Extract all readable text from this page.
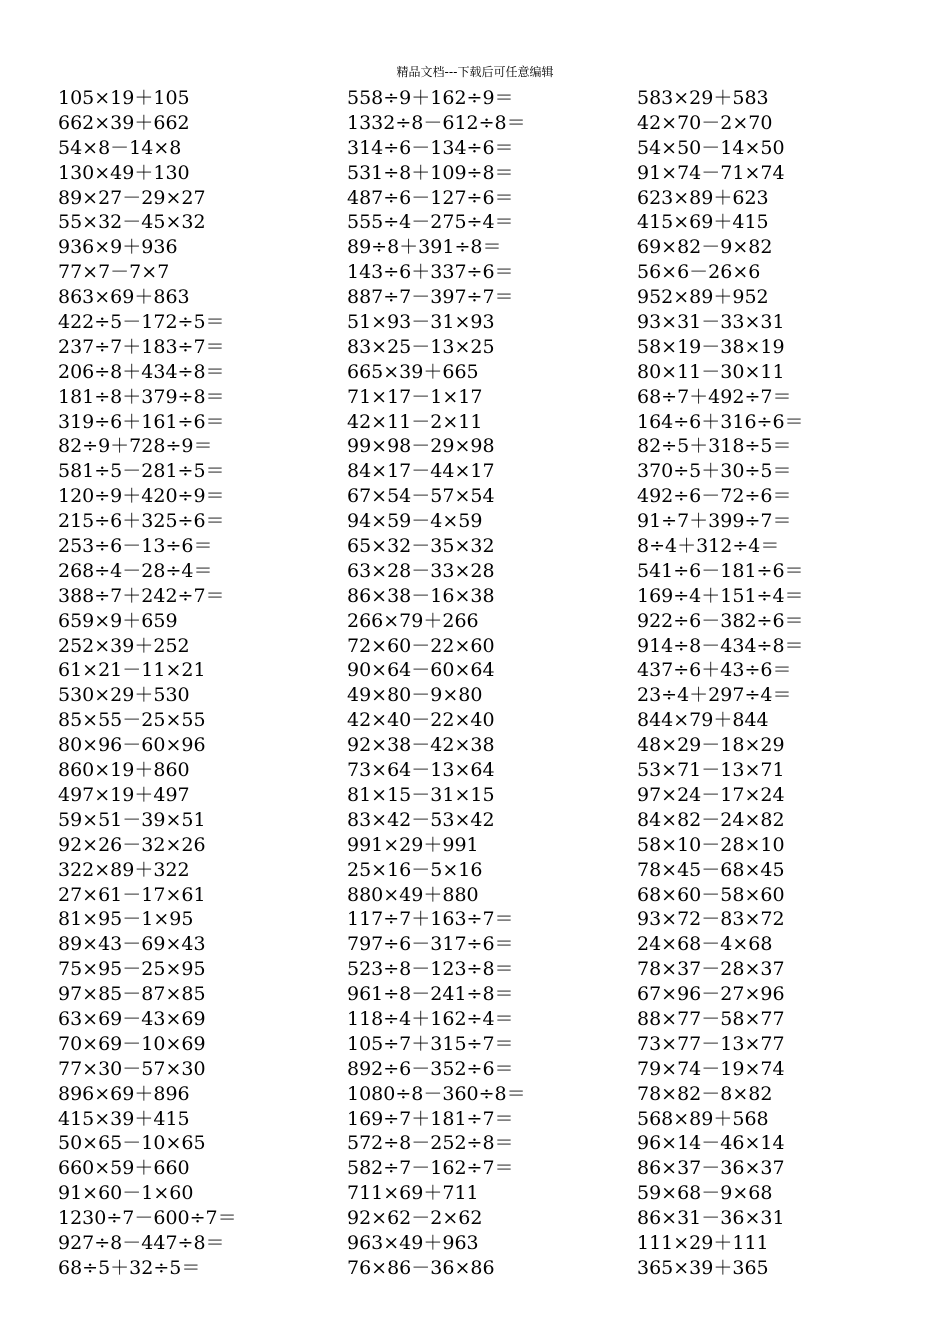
精品文档---下载后可任意编辑
105×19＋105
662×39＋662
54×8－14×8
130×49＋130
89×27－29×27
55×32－45×32
936×9＋936
77×7－7×7
863×69＋863
422÷5－172÷5＝
237÷7＋183÷7＝
206÷8＋434÷8＝
181÷8＋379÷8＝
319÷6＋161÷6＝
82÷9＋728÷9＝
581÷5－281÷5＝
120÷9＋420÷9＝
215÷6＋325÷6＝
253÷6－13÷6＝
268÷4－28÷4＝
388÷7＋242÷7＝
659×9＋659
252×39＋252
61×21－11×21
530×29＋530
85×55－25×55
80×96－60×96
860×19＋860
497×19＋497
59×51－39×51
92×26－32×26
322×89＋322
27×61－17×61
81×95－1×95
89×43－69×43
75×95－25×95
97×85－87×85
63×69－43×69
70×69－10×69
77×30－57×30
896×69＋896
415×39＋415
50×65－10×65
660×59＋660
91×60－1×60
1230÷7－600÷7＝
927÷8－447÷8＝
68÷5＋32÷5＝
558÷9＋162÷9＝
1332÷8－612÷8＝
314÷6－134÷6＝
531÷8＋109÷8＝
487÷6－127÷6＝
555÷4－275÷4＝
89÷8＋391÷8＝
143÷6＋337÷6＝
887÷7－397÷7＝
51×93－31×93
83×25－13×25
665×39＋665
71×17－1×17
42×11－2×11
99×98－29×98
84×17－44×17
67×54－57×54
94×59－4×59
65×32－35×32
63×28－33×28
86×38－16×38
266×79＋266
72×60－22×60
90×64－60×64
49×80－9×80
42×40－22×40
92×38－42×38
73×64－13×64
81×15－31×15
83×42－53×42
991×29＋991
25×16－5×16
880×49＋880
117÷7＋163÷7＝
797÷6－317÷6＝
523÷8－123÷8＝
961÷8－241÷8＝
118÷4＋162÷4＝
105÷7＋315÷7＝
892÷6－352÷6＝
1080÷8－360÷8＝
169÷7＋181÷7＝
572÷8－252÷8＝
582÷7－162÷7＝
711×69＋711
92×62－2×62
963×49＋963
76×86－36×86
583×29＋583
42×70－2×70
54×50－14×50
91×74－71×74
623×89＋623
415×69＋415
69×82－9×82
56×6－26×6
952×89＋952
93×31－33×31
58×19－38×19
80×11－30×11
68÷7＋492÷7＝
164÷6＋316÷6＝
82÷5＋318÷5＝
370÷5＋30÷5＝
492÷6－72÷6＝
91÷7＋399÷7＝
8÷4＋312÷4＝
541÷6－181÷6＝
169÷4＋151÷4＝
922÷6－382÷6＝
914÷8－434÷8＝
437÷6＋43÷6＝
23÷4＋297÷4＝
844×79＋844
48×29－18×29
53×71－13×71
97×24－17×24
84×82－24×82
58×10－28×10
78×45－68×45
68×60－58×60
93×72－83×72
24×68－4×68
78×37－28×37
67×96－27×96
88×77－58×77
73×77－13×77
79×74－19×74
78×82－8×82
568×89＋568
96×14－46×14
86×37－36×37
59×68－9×68
86×31－36×31
111×29＋111
365×39＋365
